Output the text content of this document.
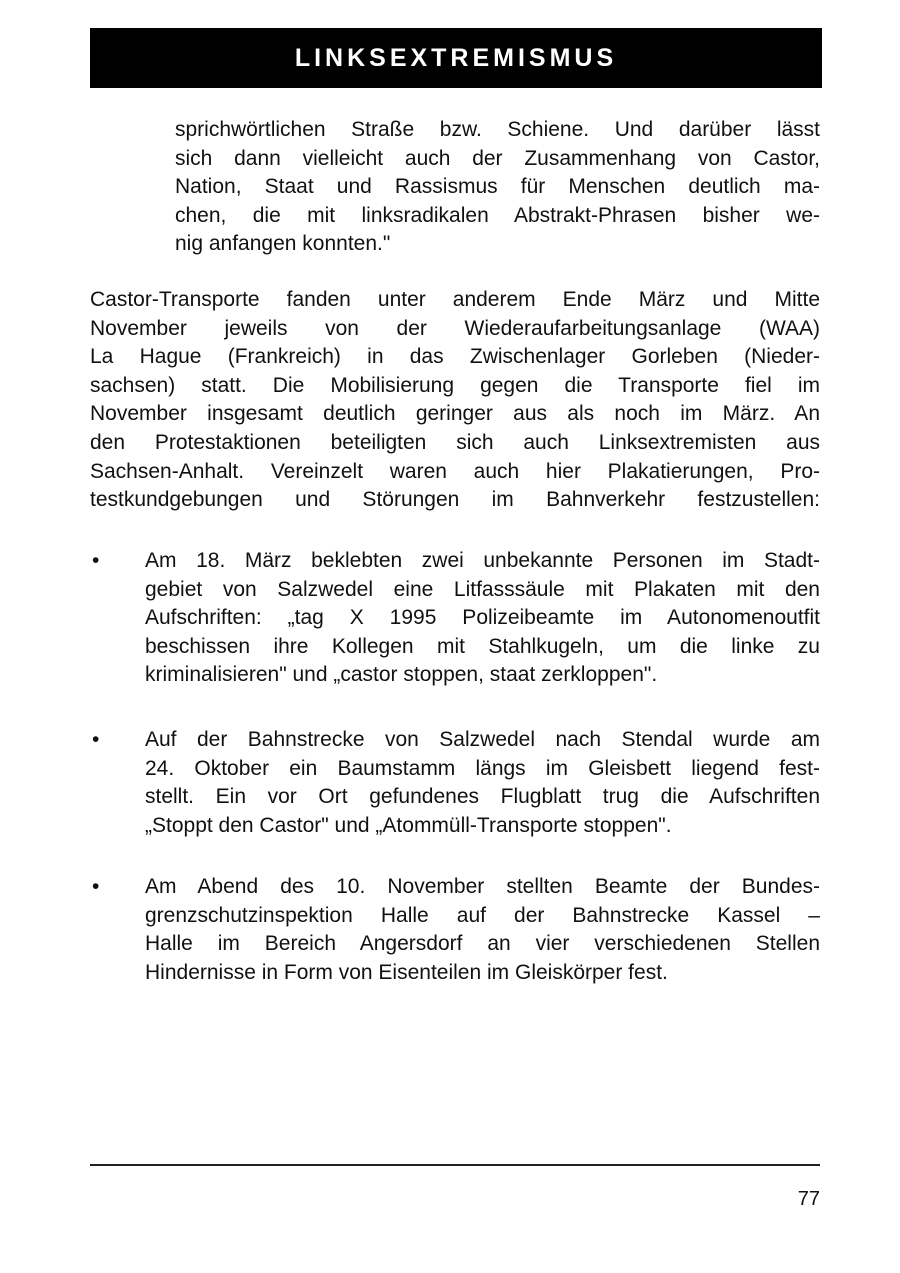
LINKSEXTREMISMUS
sprichwörtlichen Straße bzw. Schiene. Und darüber lässt
sich dann vielleicht auch der Zusammenhang von Castor,
Nation, Staat und Rassismus für Menschen deutlich ma-
chen, die mit linksradikalen Abstrakt-Phrasen bisher we-
nig anfangen konnten."
Castor-Transporte fanden unter anderem Ende März und Mitte
November jeweils von der Wiederaufarbeitungsanlage (WAA)
La Hague (Frankreich) in das Zwischenlager Gorleben (Nieder-
sachsen) statt. Die Mobilisierung gegen die Transporte fiel im
November insgesamt deutlich geringer aus als noch im März. An
den Protestaktionen beteiligten sich auch Linksextremisten aus
Sachsen-Anhalt. Vereinzelt waren auch hier Plakatierungen, Pro-
testkundgebungen und Störungen im Bahnverkehr festzustellen:
• Am 18. März beklebten zwei unbekannte Personen im Stadt-
gebiet von Salzwedel eine Litfasssäule mit Plakaten mit den
Aufschriften: „tag X 1995 Polizeibeamte im Autonomenoutfit
beschissen ihre Kollegen mit Stahlkugeln, um die linke zu
kriminalisieren" und „castor stoppen, staat zerkloppen".
• Auf der Bahnstrecke von Salzwedel nach Stendal wurde am
24. Oktober ein Baumstamm längs im Gleisbett liegend fest-
stellt. Ein vor Ort gefundenes Flugblatt trug die Aufschriften
„Stoppt den Castor" und „Atommüll-Transporte stoppen".
• Am Abend des 10. November stellten Beamte der Bundes-
grenzschutzinspektion Halle auf der Bahnstrecke Kassel –
Halle im Bereich Angersdorf an vier verschiedenen Stellen
Hindernisse in Form von Eisenteilen im Gleiskörper fest.
77
